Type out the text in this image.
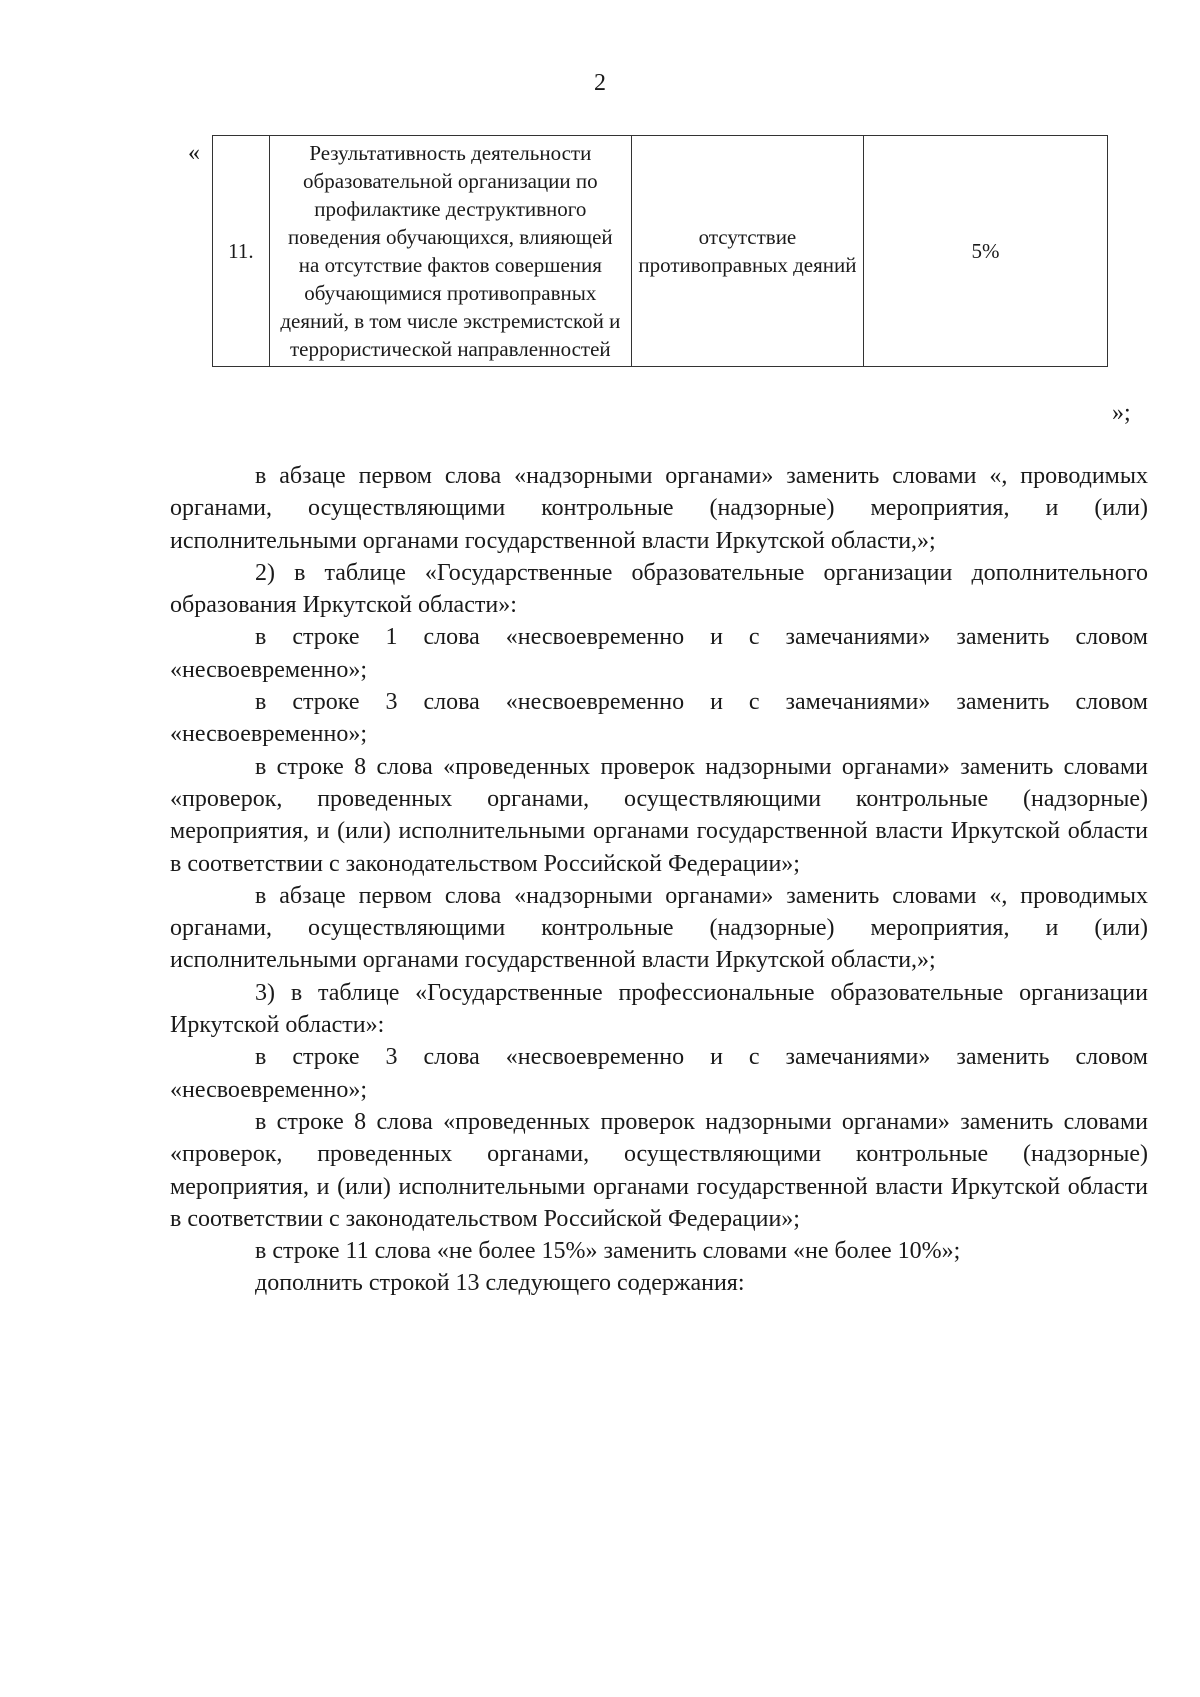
2
«
11.	Результативность деятельности образовательной организации по профилактике деструктивного поведения обучающихся, влияющей на отсутствие фактов совершения обучающимися противоправных деяний, в том числе экстремистской и террористической направленностей	отсутствие противоправных деяний	5%
»;

в абзаце первом слова «надзорными органами» заменить словами «, проводимых органами, осуществляющими контрольные (надзорные) мероприятия, и (или) исполнительными органами государственной власти Иркутской области,»;

2) в таблице «Государственные образовательные организации дополнительного образования Иркутской области»:

в строке 1 слова «несвоевременно и с замечаниями» заменить словом «несвоевременно»;

в строке 3 слова «несвоевременно и с замечаниями» заменить словом «несвоевременно»;

в строке 8 слова «проведенных проверок надзорными органами» заменить словами «проверок, проведенных органами, осуществляющими контрольные (надзорные) мероприятия, и (или) исполнительными органами государственной власти Иркутской области в соответствии с законодательством Российской Федерации»;

в абзаце первом слова «надзорными органами» заменить словами «, проводимых органами, осуществляющими контрольные (надзорные) мероприятия, и (или) исполнительными органами государственной власти Иркутской области,»;

3) в таблице «Государственные профессиональные образовательные организации Иркутской области»:

в строке 3 слова «несвоевременно и с замечаниями» заменить словом «несвоевременно»;

в строке 8 слова «проведенных проверок надзорными органами» заменить словами «проверок, проведенных органами, осуществляющими контрольные (надзорные) мероприятия, и (или) исполнительными органами государственной власти Иркутской области в соответствии с законодательством Российской Федерации»;

в строке 11 слова «не более 15%» заменить словами «не более 10%»;

дополнить строкой 13 следующего содержания:
